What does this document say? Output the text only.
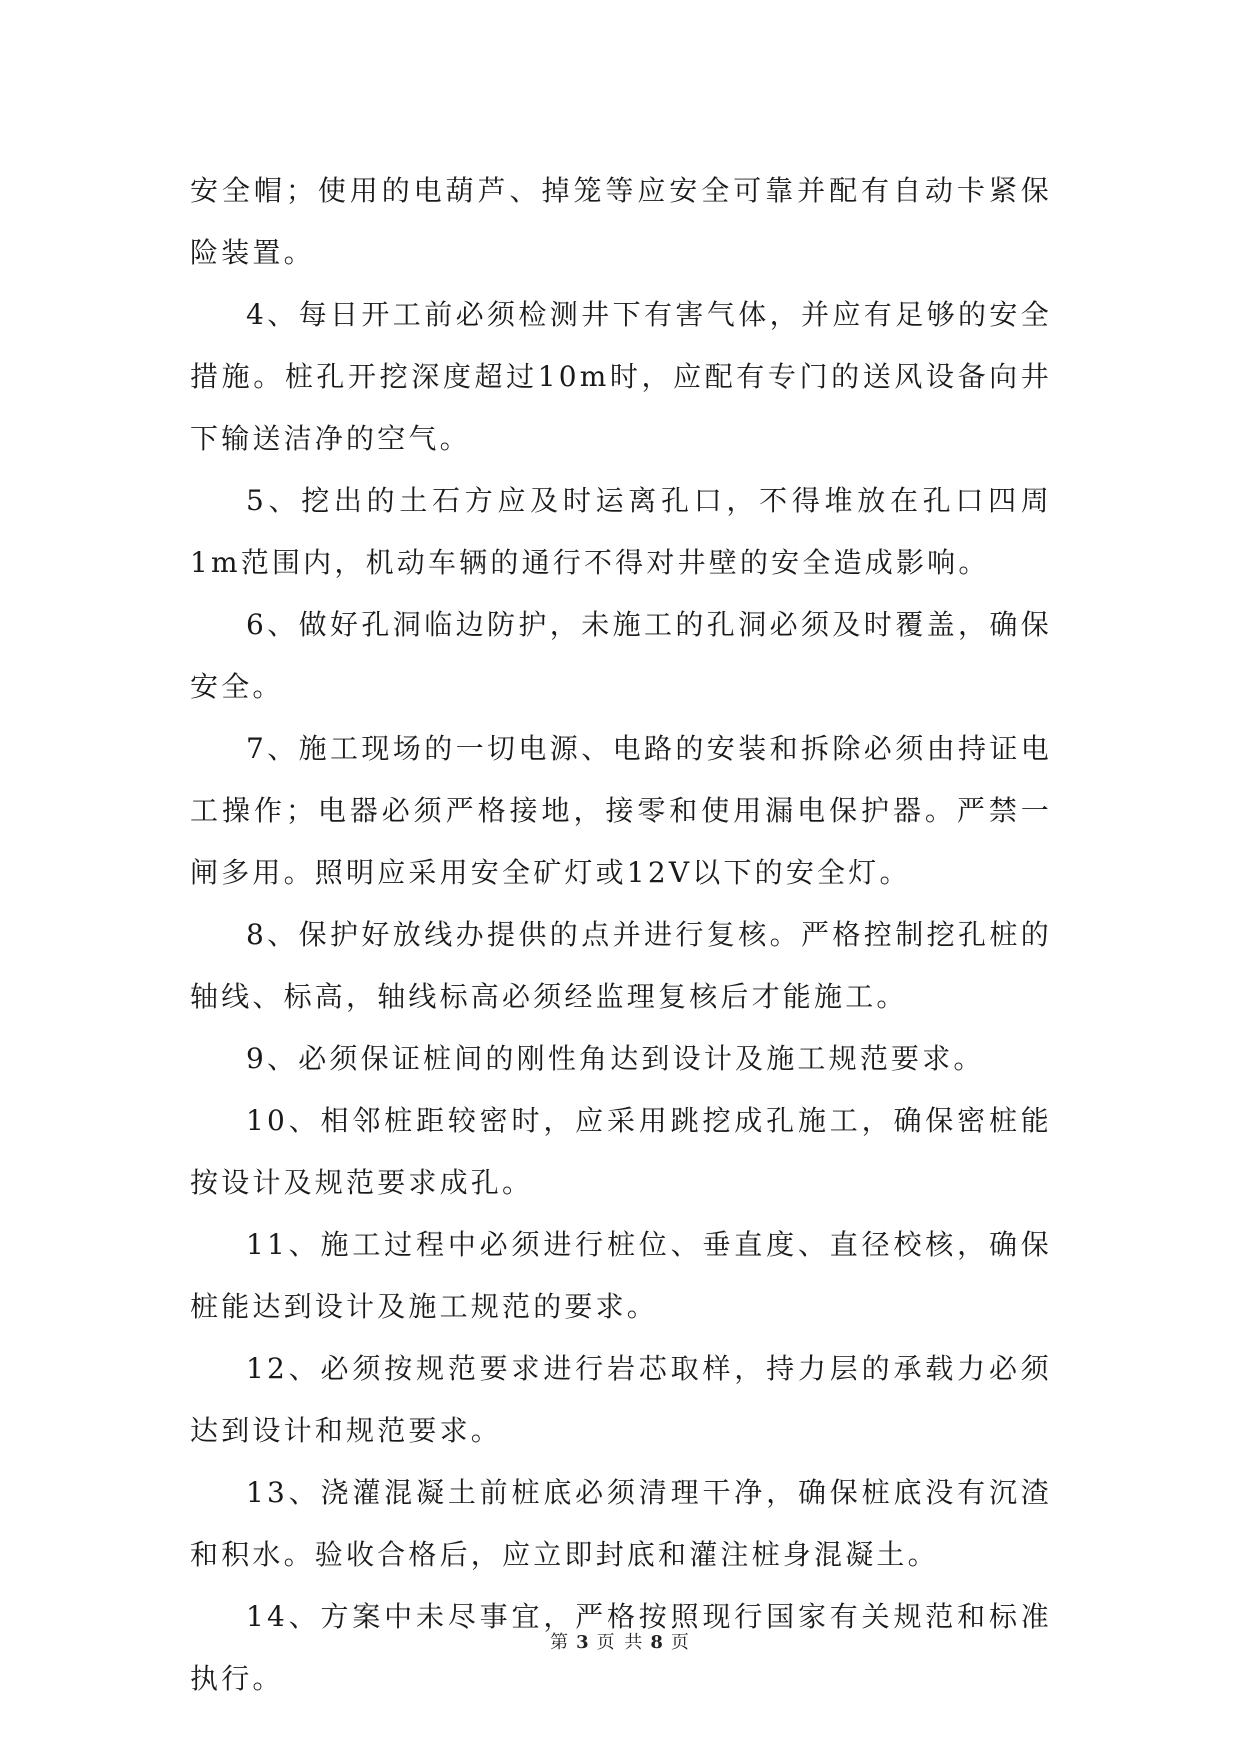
安全帽；使用的电葫芦、掉笼等应安全可靠并配有自动卡紧保险装置。

4、每日开工前必须检测井下有害气体，并应有足够的安全措施。桩孔开挖深度超过10m时，应配有专门的送风设备向井下输送洁净的空气。

5、挖出的土石方应及时运离孔口，不得堆放在孔口四周1m范围内，机动车辆的通行不得对井壁的安全造成影响。

6、做好孔洞临边防护，未施工的孔洞必须及时覆盖，确保安全。

7、施工现场的一切电源、电路的安装和拆除必须由持证电工操作；电器必须严格接地，接零和使用漏电保护器。严禁一闸多用。照明应采用安全矿灯或12V以下的安全灯。

8、保护好放线办提供的点并进行复核。严格控制挖孔桩的轴线、标高，轴线标高必须经监理复核后才能施工。

9、必须保证桩间的刚性角达到设计及施工规范要求。

10、相邻桩距较密时，应采用跳挖成孔施工，确保密桩能按设计及规范要求成孔。

11、施工过程中必须进行桩位、垂直度、直径校核，确保桩能达到设计及施工规范的要求。

12、必须按规范要求进行岩芯取样，持力层的承载力必须达到设计和规范要求。

13、浇灌混凝土前桩底必须清理干净，确保桩底没有沉渣和积水。验收合格后，应立即封底和灌注桩身混凝土。

14、方案中未尽事宜，严格按照现行国家有关规范和标准执行。

第 3 页 共 8 页
